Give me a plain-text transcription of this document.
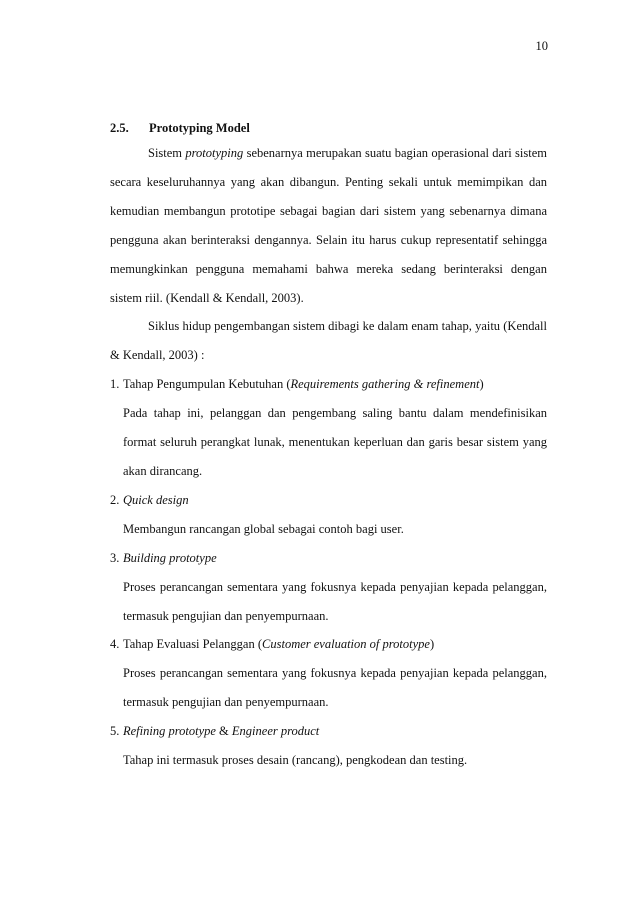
10
2.5. Prototyping Model

Sistem prototyping sebenarnya merupakan suatu bagian operasional dari sistem secara keseluruhannya yang akan dibangun. Penting sekali untuk memimpikan dan kemudian membangun prototipe sebagai bagian dari sistem yang sebenarnya dimana pengguna akan berinteraksi dengannya. Selain itu harus cukup representatif sehingga memungkinkan pengguna memahami bahwa mereka sedang berinteraksi dengan sistem riil. (Kendall & Kendall, 2003).

Siklus hidup pengembangan sistem dibagi ke dalam enam tahap, yaitu (Kendall & Kendall, 2003) :

1. Tahap Pengumpulan Kebutuhan (Requirements gathering & refinement)
Pada tahap ini, pelanggan dan pengembang saling bantu dalam mendefinisikan format seluruh perangkat lunak, menentukan keperluan dan garis besar sistem yang akan dirancang.
2. Quick design
Membangun rancangan global sebagai contoh bagi user.
3. Building prototype
Proses perancangan sementara yang fokusnya kepada penyajian kepada pelanggan, termasuk pengujian dan penyempurnaan.
4. Tahap Evaluasi Pelanggan (Customer evaluation of prototype)
Proses perancangan sementara yang fokusnya kepada penyajian kepada pelanggan, termasuk pengujian dan penyempurnaan.
5. Refining prototype & Engineer product
Tahap ini termasuk proses desain (rancang), pengkodean dan testing.
